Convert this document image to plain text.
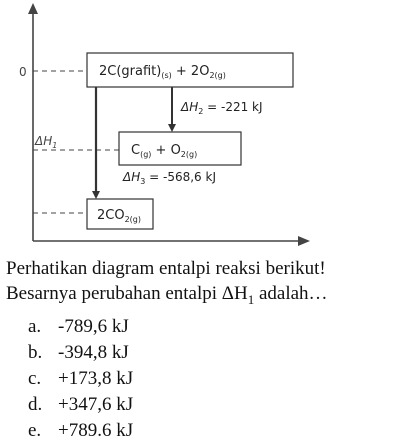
0
$\Delta H_1$
$2C(grafit)_{(s)} + 2O_{2(g)}$
$C_{(g)} + O_{2(g)}$
$2CO_{2(g)}$
$\Delta H_2 = -221$ kJ
$\Delta H_3 = -568,6$ kJ
Perhatikan diagram entalpi reaksi berikut!
Besarnya perubahan entalpi $\Delta H_1$ adalah…
a. -789,6 kJ
b. -394,8 kJ
c. +173,8 kJ
d. +347,6 kJ
e. +789.6 kJ
